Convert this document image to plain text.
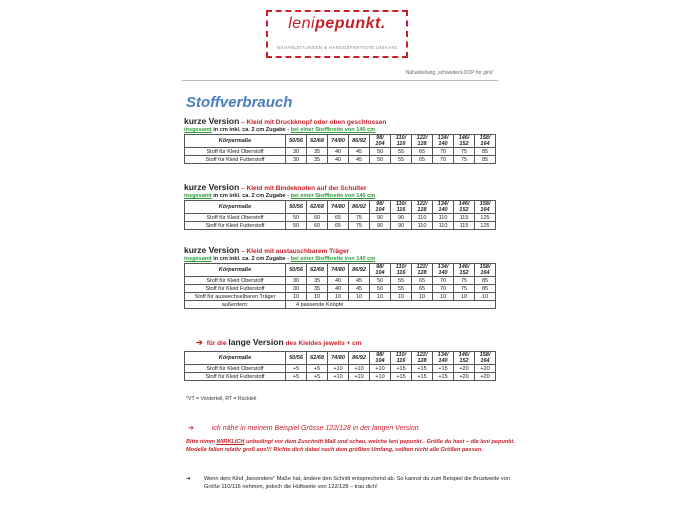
lenipepunkt.
NÄHANLEITUNGEN & HANDGEFERTIGTE UNIKATE
Nähanleitung „schwedenLOOP for girls“
Stoffverbrauch
kurze Version – Kleid mit Druckknopf oder oben geschlossen
insgesamt in cm inkl. ca. 2 cm Zugabe - bei einer Stoffbreite von 140 cm
Körpermaße	50/56	62/68	74/80	86/92	98/ 104	110/ 116	122/ 128	134/ 140	146/ 152	158/ 164
Stoff für Kleid Oberstoff	30	35	40	45	50	55	65	70	75	85
Stoff für Kleid Futterstoff	30	35	40	45	50	55	65	70	75	85
kurze Version – Kleid mit Bindeknoten auf der Schulter
insgesamt in cm inkl. ca. 2 cm Zugabe - bei einer Stoffbreite von 140 cm
Körpermaße	50/56	62/68	74/80	86/92	98/ 104	110/ 116	122/ 128	134/ 140	146/ 152	158/ 164
Stoff für Kleid Oberstoff	50	60	65	75	90	90	110	110	115	125
Stoff für Kleid Futterstoff	50	60	65	75	90	90	110	110	115	125
kurze Version – Kleid mit austauschbarem Träger
insgesamt in cm inkl. ca. 2 cm Zugabe - bei einer Stoffbreite von 140 cm
Körpermaße	50/56	62/68	74/80	86/92	98/ 104	110/ 116	122/ 128	134/ 140	146/ 152	158/ 164
Stoff für Kleid Oberstoff	30	35	40	45	50	55	65	70	75	85
Stoff für Kleid Futterstoff	30	35	40	45	50	55	65	70	75	85
Stoff für auswechselbaren Träger	10	10	10	10	10	10	10	10	10	10
außerdem:	4 passende Knöpfe									
➔ für die lange Version des Kleides jeweils + cm
Körpermaße	50/56	62/68	74/80	86/92	98/ 104	110/ 116	122/ 128	134/ 140	146/ 152	158/ 164
Stoff für Kleid Oberstoff	+5	+5	+10	+10	+10	+15	+15	+15	+20	+20
Stoff für Kleid Futterstoff	+5	+5	+10	+10	+10	+15	+15	+15	+20	+20
*VT = Vorderteil, RT = Rückteil
➔	ich nähe in meinem Beispiel Grösse 122/128 in der langen Version
Bitte nimm WIRKLICH unbedingt vor dem Zuschnitt Maß und schau, welche leni pepunkt.- Größe du hast – die leni pepunkt. Modelle fallen relativ groß aus!!! Richte dich dabei nach dem größten Umfang, sollten nicht alle Größen passen.
➔ Wenn dein Kind „besondere“ Maße hat, ändere den Schnitt entsprechend ab. So kannst du zum Beispiel die Brustweite von Größe 110/116 nehmen, jedoch die Hüftweite von 122/128 – trau dich!
